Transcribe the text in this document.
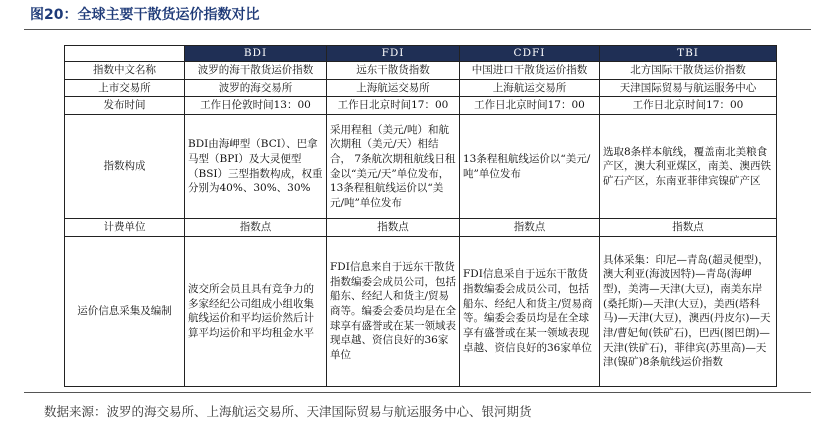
图20：全球主要干散货运价指数对比
	BDI	FDI	CDFI	TBI
指数中文名称	波罗的海干散货运价指数	远东干散货指数	中国进口干散货运价指数	北方国际干散货运价指数
上市交易所	波罗的海交易所	上海航运交易所	上海航运交易所	天津国际贸易与航运服务中心
发布时间	工作日伦敦时间13：00	工作日北京时间17：00	工作日北京时间17：00	工作日北京时间17：00
指数构成	BDI由海岬型（BCI）、巴拿马型（BPI）及大灵便型（BSI）三型指数构成，权重分别为40%、30%、30%	采用程租（美元/吨）和航次期租（美元/天）相结合， 7条航次期租航线日租金以“美元/天”单位发布，13条程租航线运价以“美元/吨”单位发布	13条程租航线运价以“美元/吨”单位发布	选取8条样本航线，覆盖南北美粮食产区，澳大利亚煤区，南美、澳西铁矿石产区，东南亚菲律宾镍矿产区
计费单位	指数点	指数点	指数点	指数点
运价信息采集及编制	波交所会员且具有竞争力的多家经纪公司组成小组收集航线运价和平均运价然后计算平均运价和平均租金水平	FDI信息来自于远东干散货指数编委会成员公司，包括船东、经纪人和货主/贸易商等。编委会委员均是在全球享有盛誉或在某一领域表现卓越、资信良好的36家单位	FDI信息采自于远东干散货指数编委会成员公司，包括船东、经纪人和货主/贸易商等。编委会委员均是在全球享有盛誉或在某一领域表现卓越、资信良好的36家单位	具体采集：印尼—青岛(超灵便型)，澳大利亚(海波因特)—青岛(海岬型)，美湾—天津(大豆)，南美东岸(桑托斯)—天津(大豆)，美西(塔科马)—天津(大豆)，澳西(丹皮尔)—天津/曹妃甸(铁矿石)，巴西(图巴朗)—天津(铁矿石)，菲律宾(苏里高)—天津(镍矿)8条航线运价指数
数据来源：波罗的海交易所、上海航运交易所、天津国际贸易与航运服务中心、银河期货
